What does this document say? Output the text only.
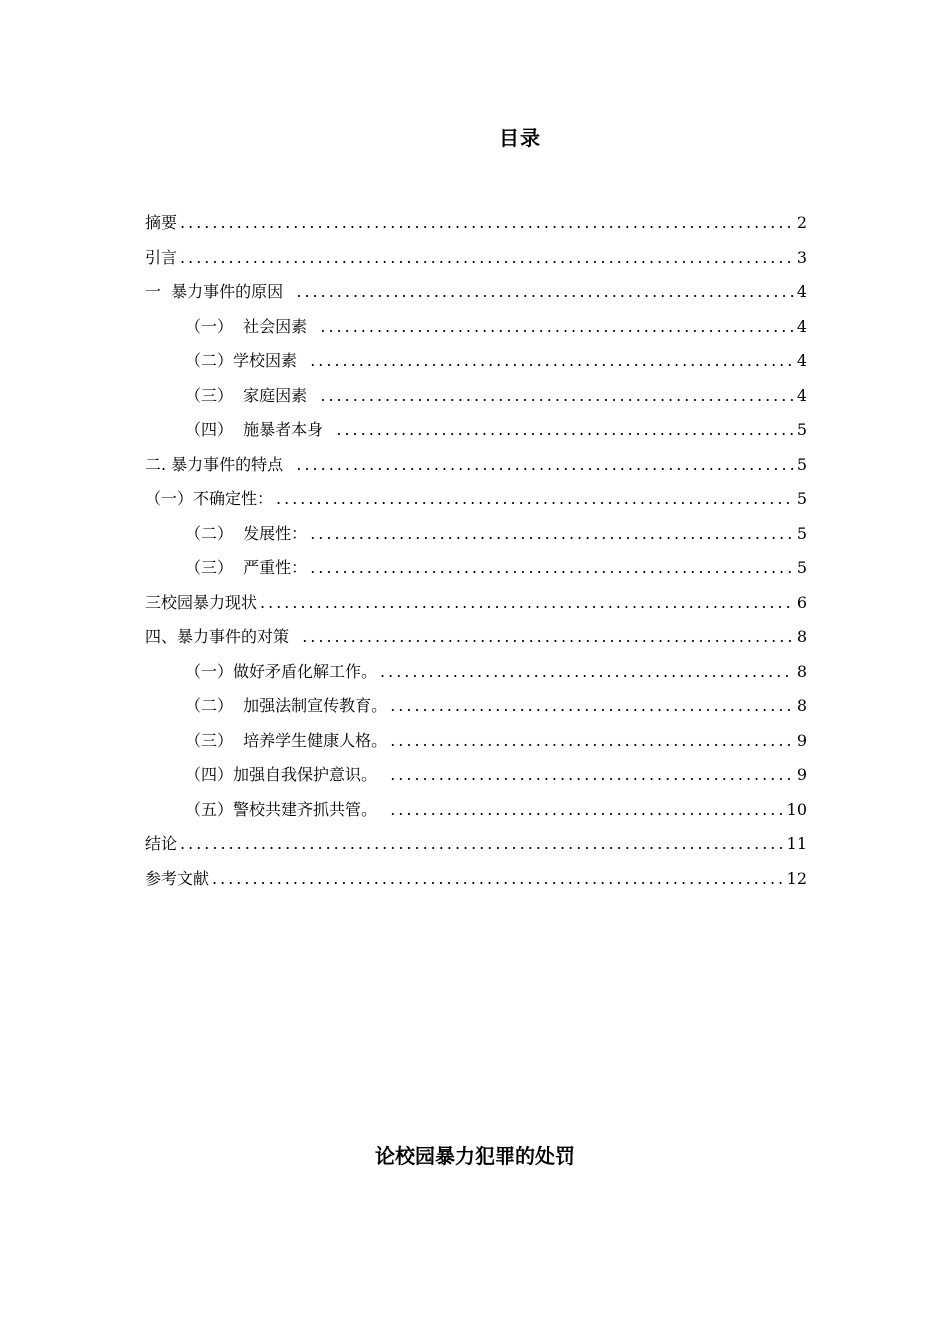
目录
摘要 .....	2
引言 .....	3
一  暴力事件的原因 .....	4
（一）  社会因素 .....	4
（二）学校因素 .....	4
（三）  家庭因素 .....	4
（四）  施暴者本身 .....	5
二. 暴力事件的特点 .....	5
（一）不确定性： .....	5
（二）  发展性： .....	5
（三）  严重性： .....	5
三校园暴力现状 .....	6
四、暴力事件的对策 .....	8
（一）做好矛盾化解工作。 .....	8
（二）  加强法制宣传教育。 .....	8
（三）  培养学生健康人格。 .....	9
（四）加强自我保护意识。 .....	9
（五）警校共建齐抓共管。 .....	10
结论 .....	11
参考文献 .....	12
论校园暴力犯罪的处罚
